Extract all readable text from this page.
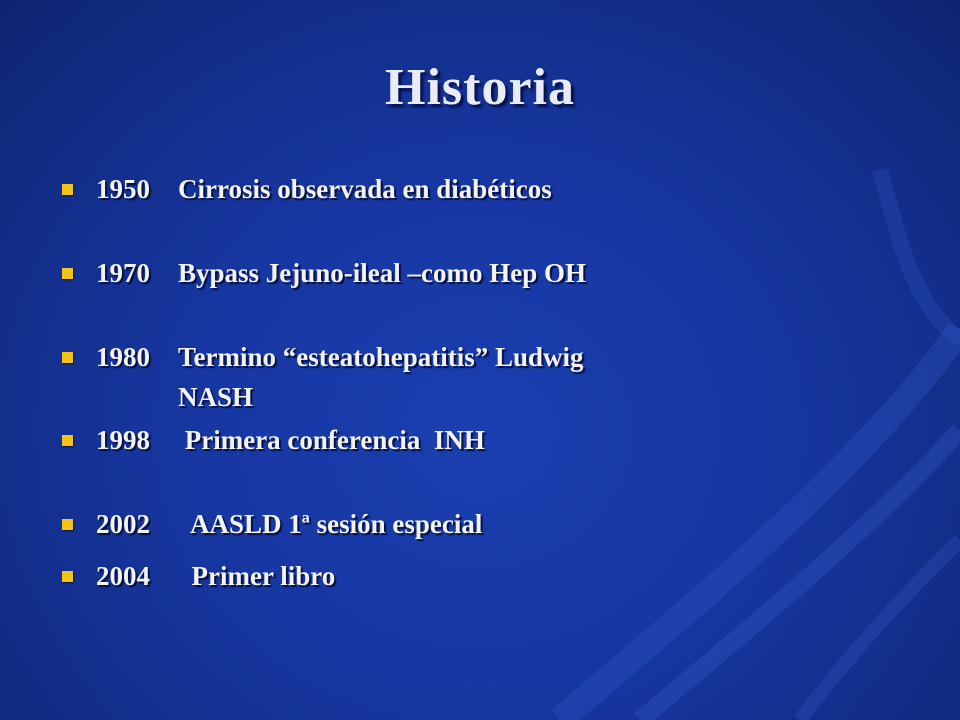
Historia
1950	Cirrosis observada en diabéticos
1970	Bypass Jejuno-ileal –como Hep OH
1980	Termino “esteatohepatitis” Ludwig
NASH
1998	Primera conferencia  INH
2002	AASLD 1ª sesión especial
2004	Primer libro
